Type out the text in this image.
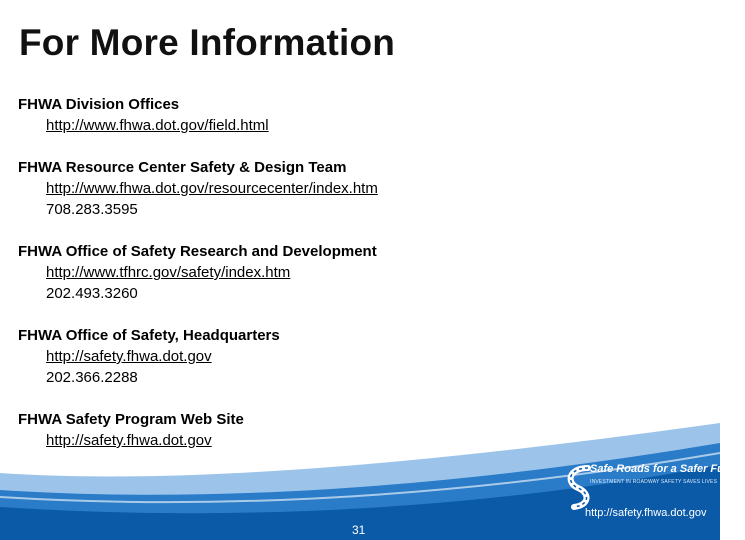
For More Information
FHWA Division Offices
http://www.fhwa.dot.gov/field.html
FHWA Resource Center Safety & Design Team
http://www.fhwa.dot.gov/resourcecenter/index.htm
708.283.3595
FHWA Office of Safety Research and Development
http://www.tfhrc.gov/safety/index.htm
202.493.3260
FHWA Office of Safety, Headquarters
http://safety.fhwa.dot.gov
202.366.2288
FHWA Safety Program Web Site
http://safety.fhwa.dot.gov
Safe Roads for a Safer Future
INVESTMENT IN ROADWAY SAFETY SAVES LIVES
http://safety.fhwa.dot.gov
31
